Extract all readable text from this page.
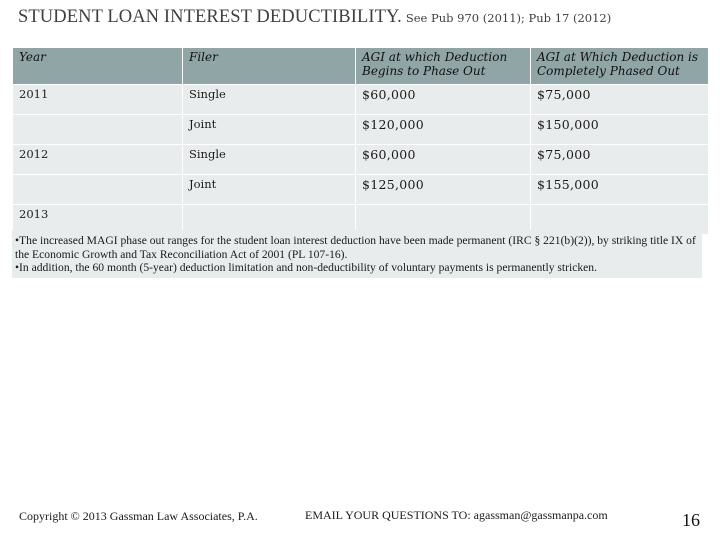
STUDENT LOAN INTEREST DEDUCTIBILITY. See Pub 970 (2011); Pub 17 (2012)
Year	Filer	AGI at which Deduction Begins to Phase Out	AGI at Which Deduction is Completely Phased Out
2011	Single	$60,000	$75,000
	Joint	$120,000	$150,000
2012	Single	$60,000	$75,000
	Joint	$125,000	$155,000
2013			

•The increased MAGI phase out ranges for the student loan interest deduction have been made permanent (IRC § 221(b)(2)), by striking title IX of the Economic Growth and Tax Reconciliation Act of 2001 (PL 107-16).

•In addition, the 60 month (5-year) deduction limitation and non-deductibility of voluntary payments is permanently stricken.

Copyright © 2013 Gassman Law Associates, P.A.	EMAIL YOUR QUESTIONS TO: agassman@gassmanpa.com	16
